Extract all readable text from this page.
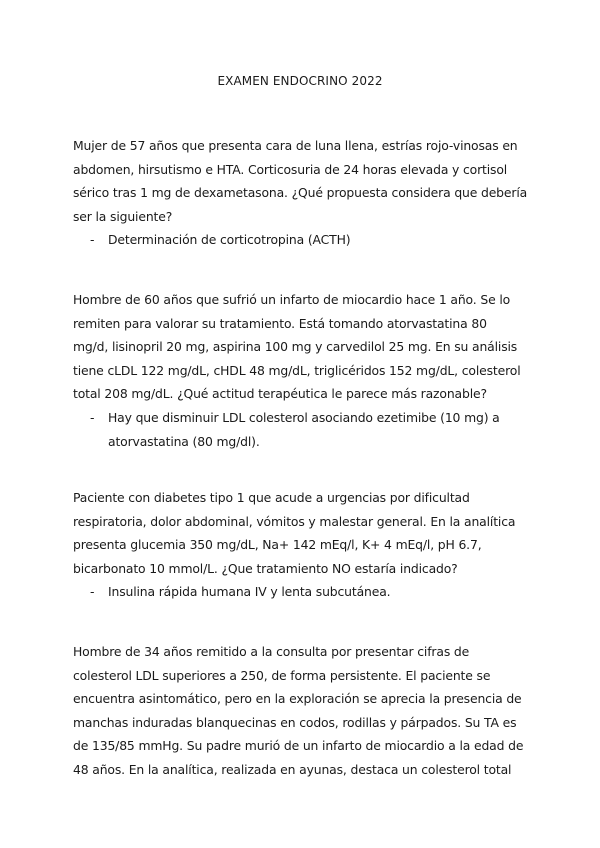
EXAMEN ENDOCRINO 2022

Mujer de 57 años que presenta cara de luna llena, estrías rojo-vinosas en

abdomen, hirsutismo e HTA. Corticosuria de 24 horas elevada y cortisol

sérico tras 1 mg de dexametasona. ¿Qué propuesta considera que debería

ser la siguiente?

- Determinación de corticotropina (ACTH)

Hombre de 60 años que sufrió un infarto de miocardio hace 1 año. Se lo

remiten para valorar su tratamiento. Está tomando atorvastatina 80

mg/d, lisinopril 20 mg, aspirina 100 mg y carvedilol 25 mg. En su análisis

tiene cLDL 122 mg/dL, cHDL 48 mg/dL, triglicéridos 152 mg/dL, colesterol

total 208 mg/dL. ¿Qué actitud terapéutica le parece más razonable?

- Hay que disminuir LDL colesterol asociando ezetimibe (10 mg) a
atorvastatina (80 mg/dl).

Paciente con diabetes tipo 1 que acude a urgencias por dificultad

respiratoria, dolor abdominal, vómitos y malestar general. En la analítica

presenta glucemia 350 mg/dL, Na+ 142 mEq/l, K+ 4 mEq/l, pH 6.7,

bicarbonato 10 mmol/L. ¿Que tratamiento NO estaría indicado?

- Insulina rápida humana IV y lenta subcutánea.

Hombre de 34 años remitido a la consulta por presentar cifras de

colesterol LDL superiores a 250, de forma persistente. El paciente se

encuentra asintomático, pero en la exploración se aprecia la presencia de

manchas induradas blanquecinas en codos, rodillas y párpados. Su TA es

de 135/85 mmHg. Su padre murió de un infarto de miocardio a la edad de

48 años. En la analítica, realizada en ayunas, destaca un colesterol total
